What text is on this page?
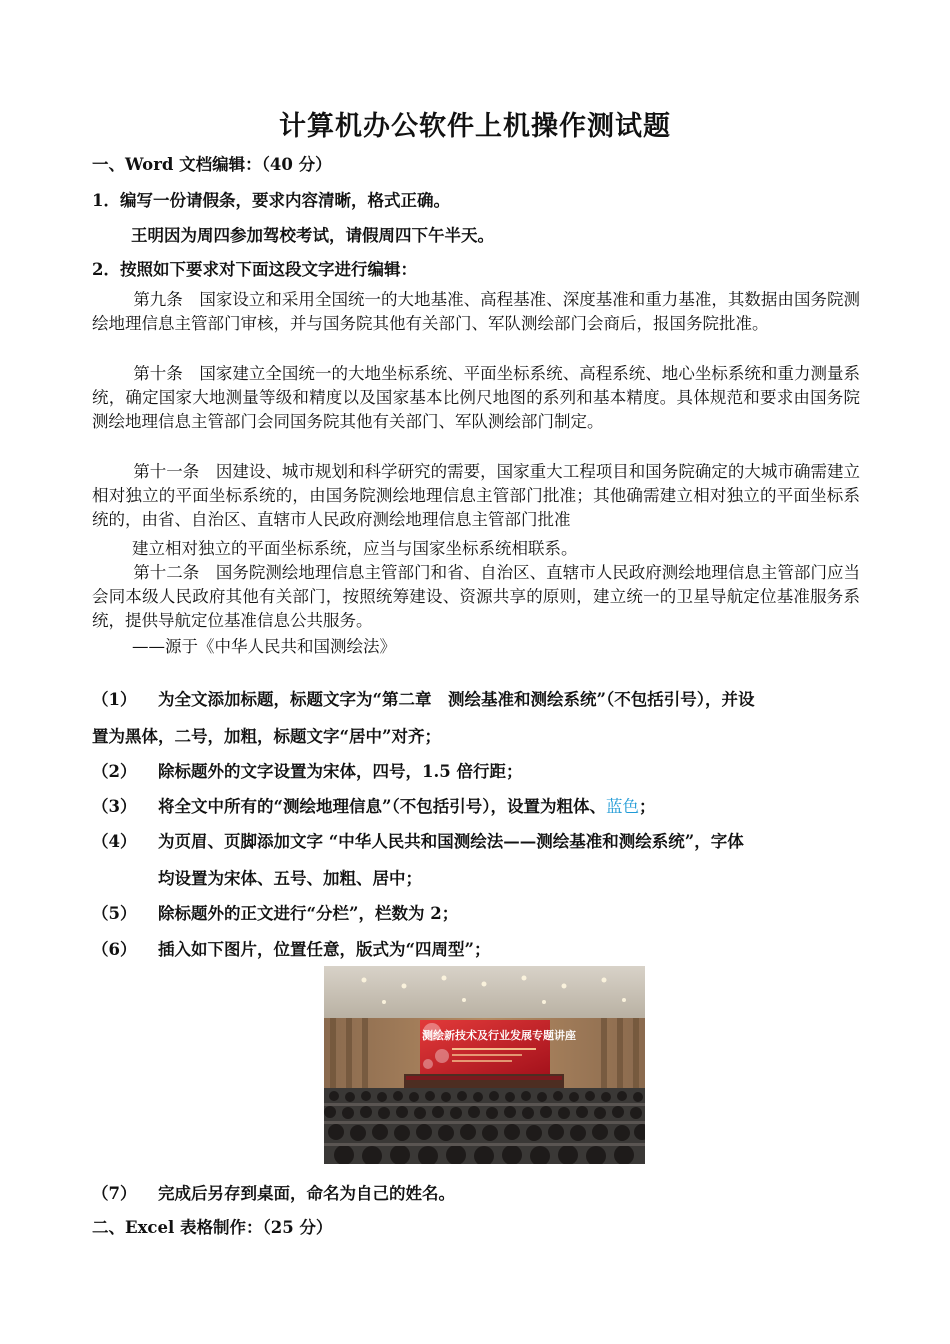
计算机办公软件上机操作测试题
一、Word 文档编辑：（40 分）
1．编写一份请假条，要求内容清晰，格式正确。
王明因为周四参加驾校考试，请假周四下午半天。
2．按照如下要求对下面这段文字进行编辑：
第九条　国家设立和采用全国统一的大地基准、高程基准、深度基准和重力基准，其数据由国务院测绘地理信息主管部门审核，并与国务院其他有关部门、军队测绘部门会商后，报国务院批准。
第十条　国家建立全国统一的大地坐标系统、平面坐标系统、高程系统、地心坐标系统和重力测量系统，确定国家大地测量等级和精度以及国家基本比例尺地图的系列和基本精度。具体规范和要求由国务院测绘地理信息主管部门会同国务院其他有关部门、军队测绘部门制定。
第十一条　因建设、城市规划和科学研究的需要，国家重大工程项目和国务院确定的大城市确需建立相对独立的平面坐标系统的，由国务院测绘地理信息主管部门批准；其他确需建立相对独立的平面坐标系统的，由省、自治区、直辖市人民政府测绘地理信息主管部门批准
建立相对独立的平面坐标系统，应当与国家坐标系统相联系。
第十二条　国务院测绘地理信息主管部门和省、自治区、直辖市人民政府测绘地理信息主管部门应当会同本级人民政府其他有关部门，按照统筹建设、资源共享的原则，建立统一的卫星导航定位基准服务系统，提供导航定位基准信息公共服务。
——源于《中华人民共和国测绘法》
（1） 为全文添加标题，标题文字为“第二章　测绘基准和测绘系统”（不包括引号），并设
置为黑体，二号，加粗，标题文字“居中”对齐；
（2） 除标题外的文字设置为宋体，四号，1.5 倍行距；
（3） 将全文中所有的“测绘地理信息”（不包括引号），设置为粗体、蓝色；
（4） 为页眉、页脚添加文字 “中华人民共和国测绘法——测绘基准和测绘系统”，字体
均设置为宋体、五号、加粗、居中；
（5） 除标题外的正文进行“分栏”，栏数为 2；
（6） 插入如下图片，位置任意，版式为“四周型”；
测绘新技术及行业发展专题讲座
（7） 完成后另存到桌面，命名为自己的姓名。
二、Excel 表格制作：（25 分）
